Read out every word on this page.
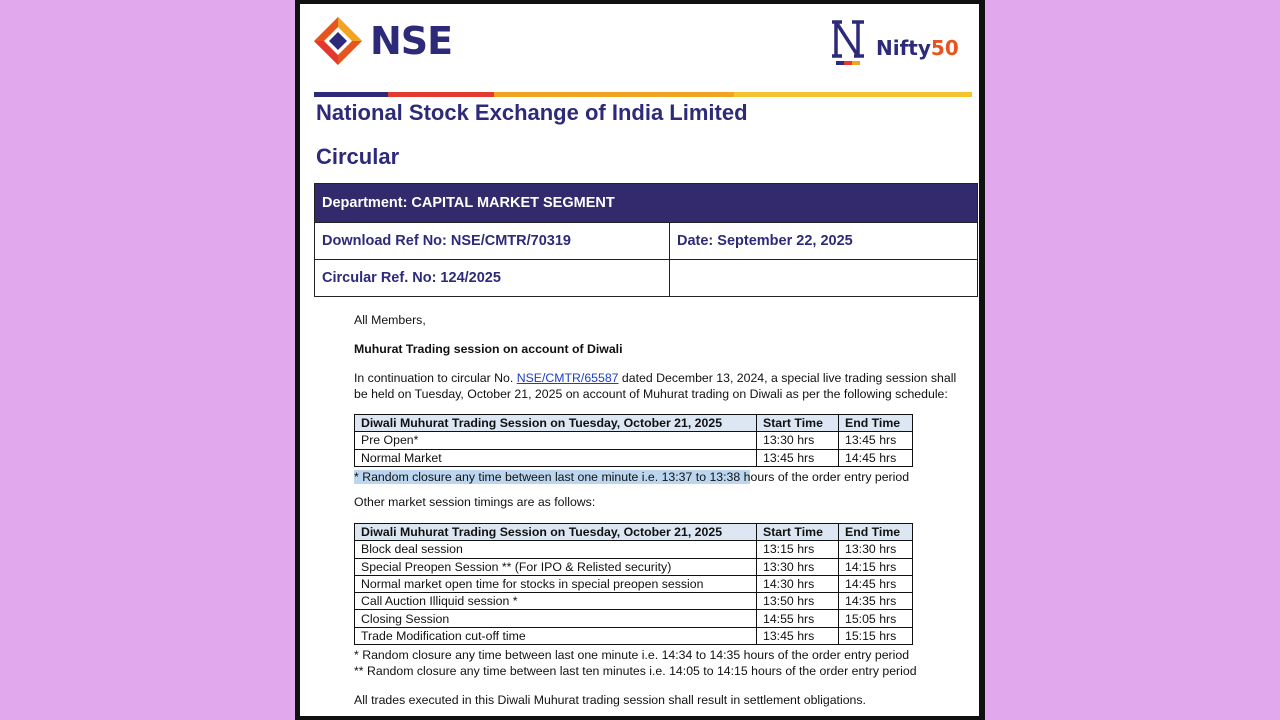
NSE	Nifty50
National Stock Exchange of India Limited
Circular
Department: CAPITAL MARKET SEGMENT	
Download Ref No: NSE/CMTR/70319	Date: September 22, 2025
Circular Ref. No: 124/2025	
All Members,
Muhurat Trading session on account of Diwali
In continuation to circular No. NSE/CMTR/65587 dated December 13, 2024, a special live trading session shall
be held on Tuesday, October 21, 2025 on account of Muhurat trading on Diwali as per the following schedule:
Diwali Muhurat Trading Session on Tuesday, October 21, 2025	Start Time	End Time
Pre Open*	13:30 hrs	13:45 hrs
Normal Market	13:45 hrs	14:45 hrs
* Random closure any time between last one minute i.e. 13:37 to 13:38 hours of the order entry period
Other market session timings are as follows:
Diwali Muhurat Trading Session on Tuesday, October 21, 2025	Start Time	End Time
Block deal session	13:15 hrs	13:30 hrs
Special Preopen Session ** (For IPO & Relisted security)	13:30 hrs	14:15 hrs
Normal market open time for stocks in special preopen session	14:30 hrs	14:45 hrs
Call Auction Illiquid session *	13:50 hrs	14:35 hrs
Closing Session	14:55 hrs	15:05 hrs
Trade Modification cut-off time	13:45 hrs	15:15 hrs
* Random closure any time between last one minute i.e. 14:34 to 14:35 hours of the order entry period
** Random closure any time between last ten minutes i.e. 14:05 to 14:15 hours of the order entry period
All trades executed in this Diwali Muhurat trading session shall result in settlement obligations.
